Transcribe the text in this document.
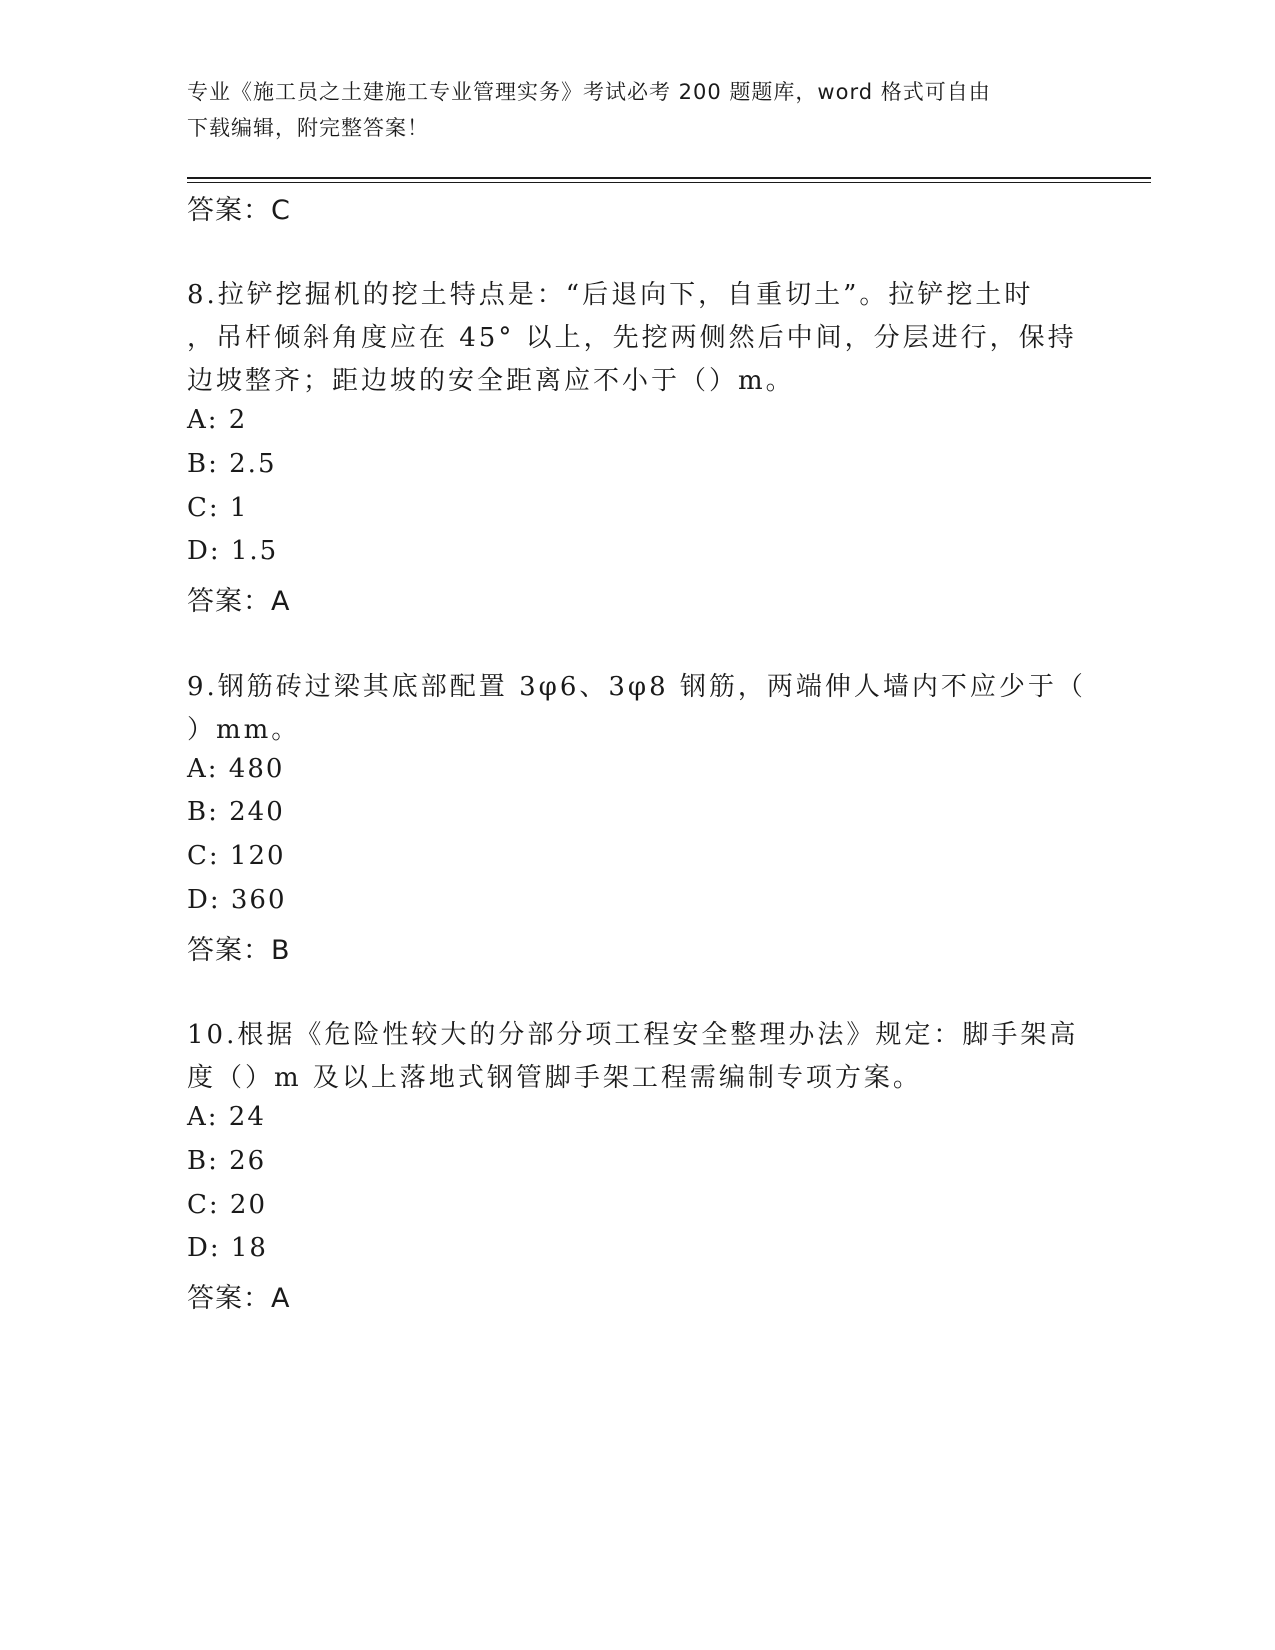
专业《施工员之土建施工专业管理实务》考试必考 200 题题库，word 格式可自由
下载编辑，附完整答案！
答案：C
8.拉铲挖掘机的挖土特点是：“后退向下，自重切土”。拉铲挖土时
，吊杆倾斜角度应在 45° 以上，先挖两侧然后中间，分层进行，保持
边坡整齐；距边坡的安全距离应不小于（）m。
A: 2
B: 2.5
C: 1
D: 1.5
答案：A
9.钢筋砖过梁其底部配置 3φ6、3φ8 钢筋，两端伸人墙内不应少于（
）mm。
A: 480
B: 240
C: 120
D: 360
答案：B
10.根据《危险性较大的分部分项工程安全整理办法》规定：脚手架高
度（）m 及以上落地式钢管脚手架工程需编制专项方案。
A: 24
B: 26
C: 20
D: 18
答案：A
